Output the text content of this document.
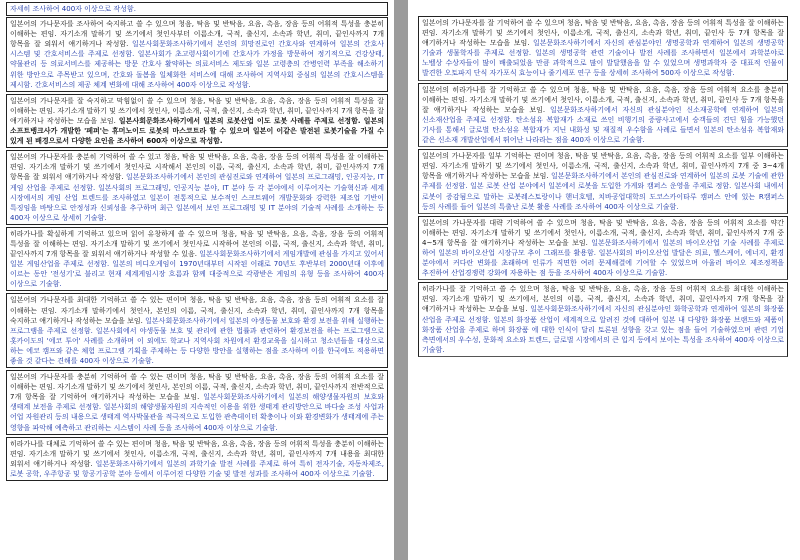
자세히 조사하여 400자 이상으로 작성함.
일본어의 가나문자를 조사하여 숙지하고 쓸 수 있으며 청음, 탁음 및 반탁음, 요음, 촉음, 장음 등의 어휘적 특성을 충분히 이해하는 편임. 자기소개 말하기 및 쓰기에서 첫인사부터 이름소개, 국적, 출신지, 소속과 학년, 취미, 끝인사까지 7개 항목을 잘 외워서 얘기하거나 작성함. 일본사회문화조사하기에서 본인의 희망진로인 간호사와 연계하여 일본의 간호사 시스템 및 간호서비스를 주제로 선정함. 일본사회가 초고령사회이기에 간호사가 가정을 방문하여 정기적으로 건강상태, 약물관리 등 의료서비스를 제공하는 방문 간호사 활약하는 의료서비스 제도와 일본 고령층의 간병인력 부족을 해소하기 위한 방안으로 주목받고 있으며, 간호와 돌봄을 일체화한 서비스에 대해 조사하여 지역사회 중심의 일본의 간호시스템을 제시함. 간호서비스의 제공 체계 변화에 대해 조사하여 400자 이상으로 작성함.
일본어의 가나문자를 잘 숙지하고 막힘없이 쓸 수 있으며 청음, 탁음 및 반탁음, 요음, 촉음, 장음 등의 어휘적 특성을 잘 이해하는 편임. 자기소개 말하기 및 쓰기에서 첫인사, 이름소개, 국적, 출신지, 소속과 학년, 취미, 끝인사까지 7개 항목을 잘 얘기하거나 작성하는 모습을 보임. 일본사회문화조사하기에서 일본의 로봇산업 이도 로봇 사례를 주제로 선정함. 일본의 소프트뱅크사가 개발한 '페퍼'는 휴머노이드 로봇의 마스코트라 할 수 있으며 일본이 이같은 발전된 로봇기술을 가질 수 있게 된 배경으로서 다양한 요인을 조사하여 600자 이상으로 작성함.
일본어의 가나문자를 충분히 기억하여 쓸 수 있고 청음, 탁음 및 반탁음, 요음, 촉음, 장음 등의 어휘적 특성을 잘 이해하는 편임. 자기소개 말하기 및 쓰기에서 첫인사로 시작해서 본인의 이름, 국적, 출신지, 소속과 학년, 취미, 끝인사까지 7개 항목을 잘 외워서 얘기하거나 작성함. 일본문화조사하기에서 본인의 관심진로와 연계하여 일본의 프로그래밍, 인공지능, IT 게임 산업을 주제로 선정함. 일본사회의 프로그래밍, 인공지능 분야, IT 분야 등 각 분야에서 이루어지는 기술혁신과 세계 시장에서의 게임 산업 트렌드를 조사하였고 일본이 전통적으로 보수적인 스크트웨어 개발문화와 강력한 제조업 기반이 특징임을 바탕으로 안정성과 신뢰성을 추구하며 최근 일본에서 보인 프로그래밍 및 IT 분야의 기술적 사례를 소개하는 등 400자 이상으로 상세히 기술함.
히라가나를 확실하게 기억하고 있으며 읽어 유창하게 쓸 수 있으며 청음, 탁음 및 반탁음, 요음, 촉음, 장음 등의 어휘적 특성을 잘 이해하는 편임. 자기소개 말하기 및 쓰기에서 첫인사로 시작하여 본인의 이름, 국적, 출신지, 소속과 학년, 취미, 끝인사까지 7개 항목을 잘 외워서 얘기하거나 작성할 수 있음. 일본사회문화조사하기에서 게임개발에 관심을 가지고 있어서 일본 게임산업을 주제로 선정함. 일본의 비디오게임이 1970년대부터 시작된 이래로 70년도 후반부터 2000년대 이후에 이르는 동안 '전성기'로 불리고 현재 세계게임시장 흐름과 함께 대중적으로 각광받은 게임의 유형 등을 조사하여 400자 이상으로 기술함.
일본어의 가나문자를 최대한 기억하고 쓸 수 있는 편이며 청음, 탁음 및 반탁음, 요음, 촉음, 장음 등의 어휘적 요소를 잘 이해하는 편임. 자기소개 말하기에서 첫인사, 본인의 이름, 국적, 출신지, 소속과 학년, 취미, 끝인사까지 7개 항목을 숙지하고 얘기하거나 작성하는 모습을 보임. 일본사회문화조사하기에서 일본의 야생동물 보호와 환경 보전을 위해 실행하는 프로그램을 주제로 선정함. 일본사회에서 야생동물 보호 및 관리에 관한 법률과 관련하여 환경보전을 하는 프로그램으로 홋카이도의 '에코 투어' 사례를 소개하며 이 외에도 학교나 지역사회 차원에서 환경교육을 실시하고 청소년들을 대상으로 하는 에코 캠프와 같은 체험 프로그램 기획을 주제하는 등 다양한 방안을 실행하는 점을 조사하며 이를 한국에도 적용하면 좋을 것 같다는 견해를 400자 이상으로 기술함.
일본어의 가나문자를 충분히 기억하여 쓸 수 있는 편이며 청음, 탁음 및 반탁음, 요음, 촉음, 장음 등의 어휘적 요소를 잘 이해하는 편임. 자기소개 말하기 및 쓰기에서 첫인사, 본인의 이름, 국적, 출신지, 소속과 학년, 취미, 끝인사까지 전반적으로 7개 항목을 잘 기억하여 얘기하거나 작성하는 모습을 보임. 일본사회문화조사하기에서 일본의 해양생물자원의 보호와 생태계 보전을 주제로 선정함. 일본사회의 해양생물자원의 지속적인 이용을 위한 생태계 관리방안으로 바다숲 조성 사업과 어업 자원관리 등의 내용으로 생태계 역사박물관을 적극적으로 도입한 관측데이터 확충이나 이와 환경변화가 생태계에 주는 영향을 파악해 예측하고 관리하는 시스템이 사례 등을 조사하여 400자 이상으로 기술함.
히라가나를 대체로 기억하여 쓸 수 있는 편이며 청음, 탁음 및 반탁음, 요음, 촉음, 장음 등의 어휘적 특성을 충분히 이해하는 편임. 자기소개 말하기 및 쓰기에서 첫인사, 이름소개, 국적, 출신지, 소속과 학년, 취미, 끝인사까지 7개 내용을 최대한 외워서 얘기하거나 작성함. 일본문화조사하기에서 일본의 과학기술 발전 사례를 주제로 하여 특히 전자기술, 자동차제조, 로봇 공학, 우주항공 및 항공기공학 분야 등에서 이루어진 다양한 기술 및 발전 성과를 조사하여 400자 이상으로 기술함.
일본어의 가나문자를 잘 기억하여 쓸 수 있으며 청음, 탁음 및 반탁음, 요음, 촉음, 장음 등의 어휘적 특성을 잘 이해하는 편임. 자기소개 말하기 및 쓰기에서 첫인사, 이름소개, 국적, 출신지, 소속과 학년, 취미, 끝인사 등 7개 항목을 잘 얘기하거나 작성하는 모습을 보임. 일본문화조사하기에서 자신의 관심분야인 생명공학과 연계하여 일본의 생명공학 기술과 생물학자를 주제로 선정함. 일본의 생명공학 관련 기술이나 발전 사례를 조사하면서 일본에서 과학분야로 노벨상 수상자들이 많이 배출되었음 만큼 과학적으로 많이 발달했음을 알 수 있었으며 생명과학자 중 대표적 인물이 발견한 오토파지 단식 자가포식 효능이나 줄기세포 연구 등을 상세히 조사하여 500자 이상으로 작성함.
일본어의 히라가나를 잘 기억하고 쓸 수 있으며 청음, 탁음 및 반탁음, 요음, 촉음, 장음 등의 어휘적 요소를 충분히 이해하는 편임. 자기소개 말하기 및 쓰기에서 첫인사, 이름소개, 국적, 출신지, 소속과 학년, 취미, 끝인사 등 7개 항목을 잘 얘기하거나 작성하는 모습을 보임. 일본문화조사하기에서 자신의 관심분야인 신소재공학에 연계하여 일본의 신소재산업을 주제로 선정함. 탄소섬유 복합재가 소재로 쓰인 비행기의 증량사고에서 승객들의 견딘 힘을 가능했던 기사를 통해서 글로벌 탄소섬유 복합재가 지닌 내화성 및 재질적 우수함을 사례로 들면서 일본의 탄소섬유 복합재와 같은 신소재 개발산업에서 뛰어난 나라라는 점을 400자 이상으로 기술함.
일본어의 가나문자를 일부 기억하는 편이며 청음, 탁음 및 반탁음, 요음, 촉음, 장음 등의 어휘적 요소를 일부 이해하는 편임. 자기소개 말하기 및 쓰기에서 첫인사, 이름소개, 국적, 출신지, 소속과 학년, 취미, 끝인사까지 7개 중 3~4개 항목을 얘기하거나 작성하는 모습을 보임. 일본문화조사하기에서 본인의 관심진로와 연계하여 일본의 로봇 기술에 관한 주제를 선정함. 일본 로봇 산업 분야에서 일본에서 로봇을 도입한 가게와 캠퍼스 운영을 주제로 정함. 일본사회 내에서 로봇이 증감됨으로 말하는 로봇레스토랑이나 핸너호텔, 치바공업대학의 도코스카이타루 캠퍼스 안에 있는 R캠퍼스 등의 사례를 들어 일본의 특출난 로봇 활용 사례를 조사하여 400자 이상으로 기술함.
일본어의 가나문자를 대략 기억하여 쓸 수 있으며 청음, 탁음 및 반탁음, 요음, 촉음, 장음 등의 어휘적 요소를 약간 이해하는 편임. 자기소개 말하기 및 쓰기에서 첫인사, 이름소개, 국적, 출신지, 소속과 학년, 취미, 끝인사까지 7개 중 4~5개 항목을 잘 얘기하거나 작성하는 모습을 보임. 일본문화조사하기에서 일본의 바이오산업 기술 사례를 주제로 하여 일본의 바이오산업 시장규모 추이 그래프를 활용함. 일본사회의 바이오산업 발달은 의료, 헬스케어, 에너지, 환경 분야에서 커다란 변화를 초래하며 인류가 직면한 여러 문제해결에 기여할 수 있었으며 아울러 바이오 제조정책을 추진하여 산업경쟁력 강화에 자용하는 점 등을 조사하여 400자 이상으로 기술함.
히라가나를 잘 기억하고 쓸 수 있으며 청음, 탁음 및 반탁음, 요음, 촉음, 장음 등의 어휘적 요소를 최대한 이해하는 편임. 자기소개 말하기 및 쓰기에서, 본인의 이름, 국적, 출신지, 소속과 학년, 취미, 끝인사까지 7개 항목을 잘 얘기하거나 작성하는 모습을 보임. 일본사회문화조사하기에서 자신의 관심분야인 화학공학과 연계하여 일본의 화장품 산업을 주제로 선정함. 일본의 화장품 산업이 세계적으로 알려진 것에 대하여 일본 내 다양한 화장품 브랜드와 제품이 화장품 산업을 주제로 하며 화장품 에 대한 인식이 달리 토론된 성향을 갖고 있는 점을 들어 기술하였으며 관련 기업 측면에서의 우수성, 문화적 요소와 트렌드, 글로벌 시장에서의 큰 입지 등에서 보이는 특성을 조사하여 400자 이상으로 기술함.
